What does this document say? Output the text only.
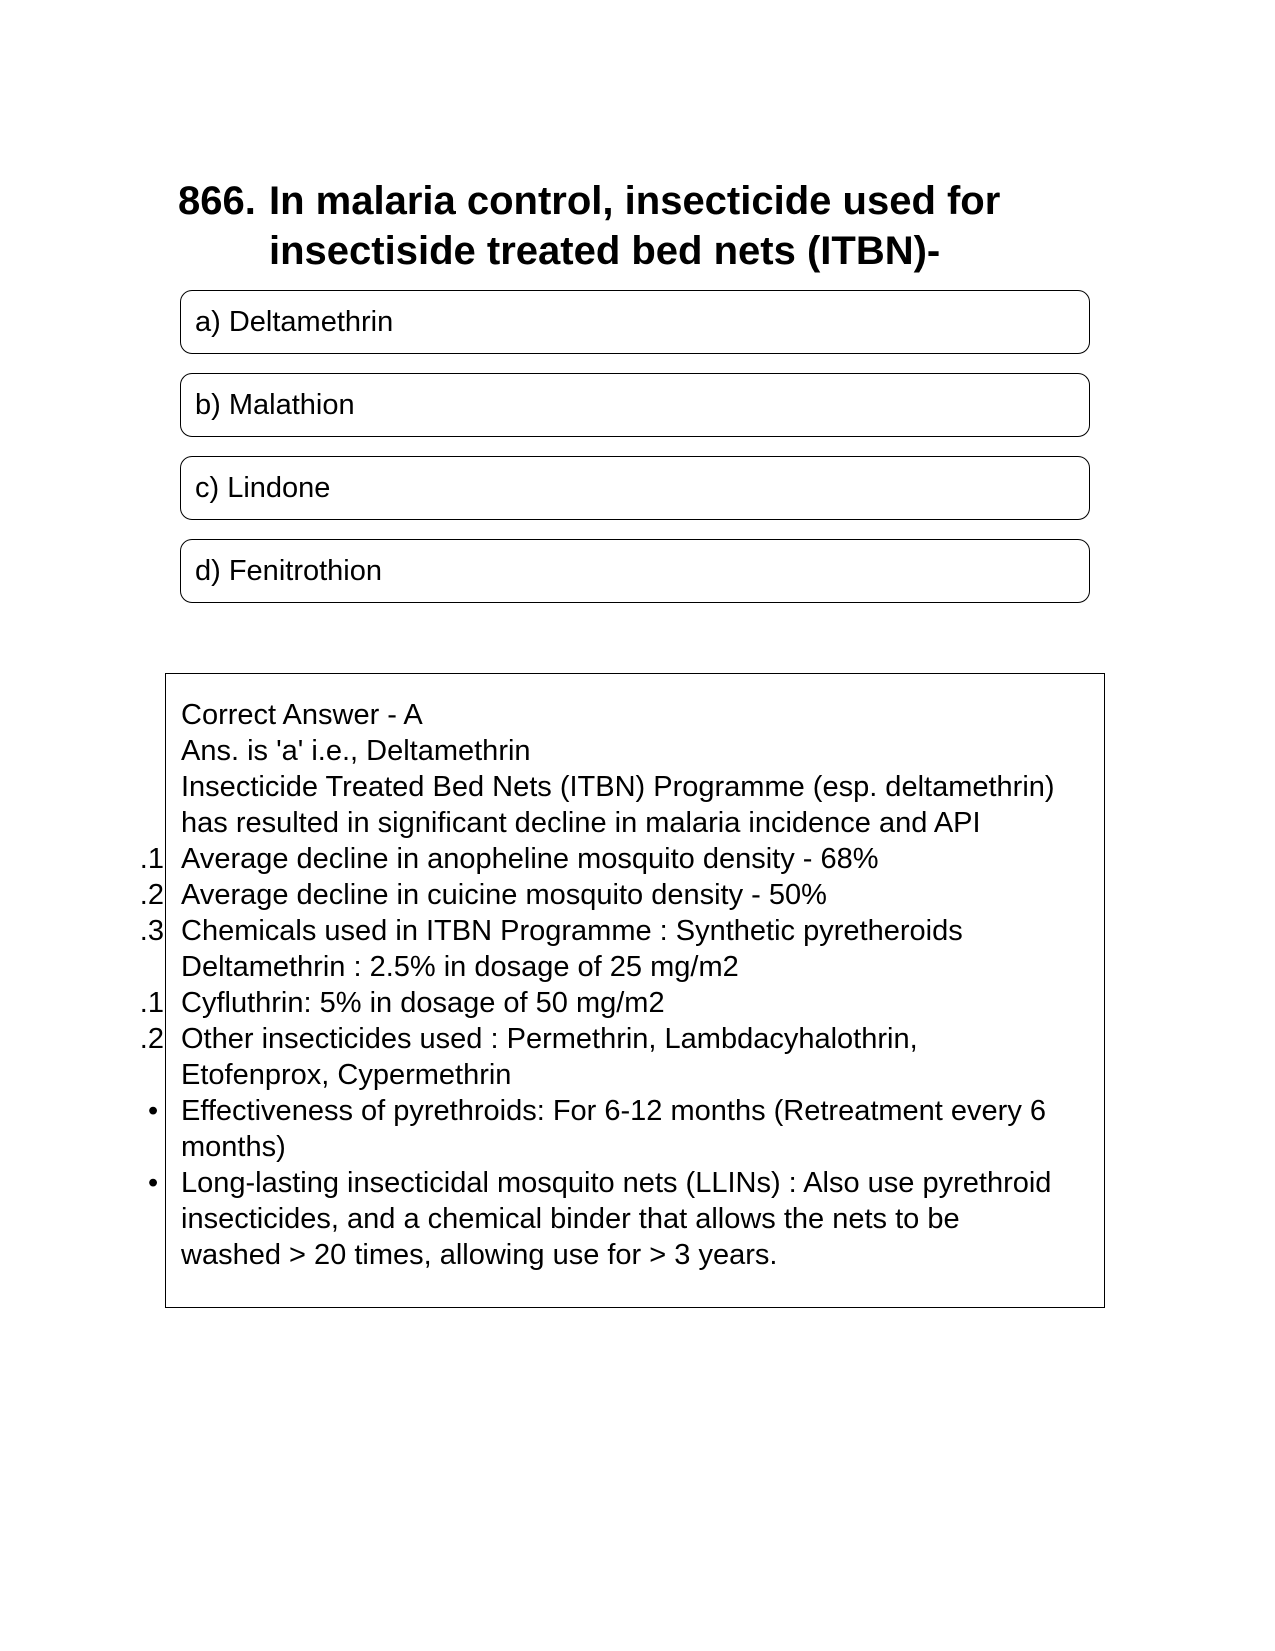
866. In malaria control, insecticide used for insectiside treated bed nets (ITBN)-
a) Deltamethrin
b) Malathion
c) Lindone
d) Fenitrothion
Correct Answer - A
Ans. is 'a' i.e., Deltamethrin
Insecticide Treated Bed Nets (ITBN) Programme (esp. deltamethrin)
has resulted in significant decline in malaria incidence and API
1. Average decline in anopheline mosquito density - 68%
2. Average decline in cuicine mosquito density - 50%
3. Chemicals used in ITBN Programme : Synthetic pyretheroids
Deltamethrin : 2.5% in dosage of 25 mg/m2
1. Cyfluthrin: 5% in dosage of 50 mg/m2
2. Other insecticides used : Permethrin, Lambdacyhalothrin,
Etofenprox, Cypermethrin
• Effectiveness of pyrethroids: For 6-12 months (Retreatment every 6
months)
• Long-lasting insecticidal mosquito nets (LLINs) : Also use pyrethroid
insecticides, and a chemical binder that allows the nets to be
washed > 20 times, allowing use for > 3 years.
